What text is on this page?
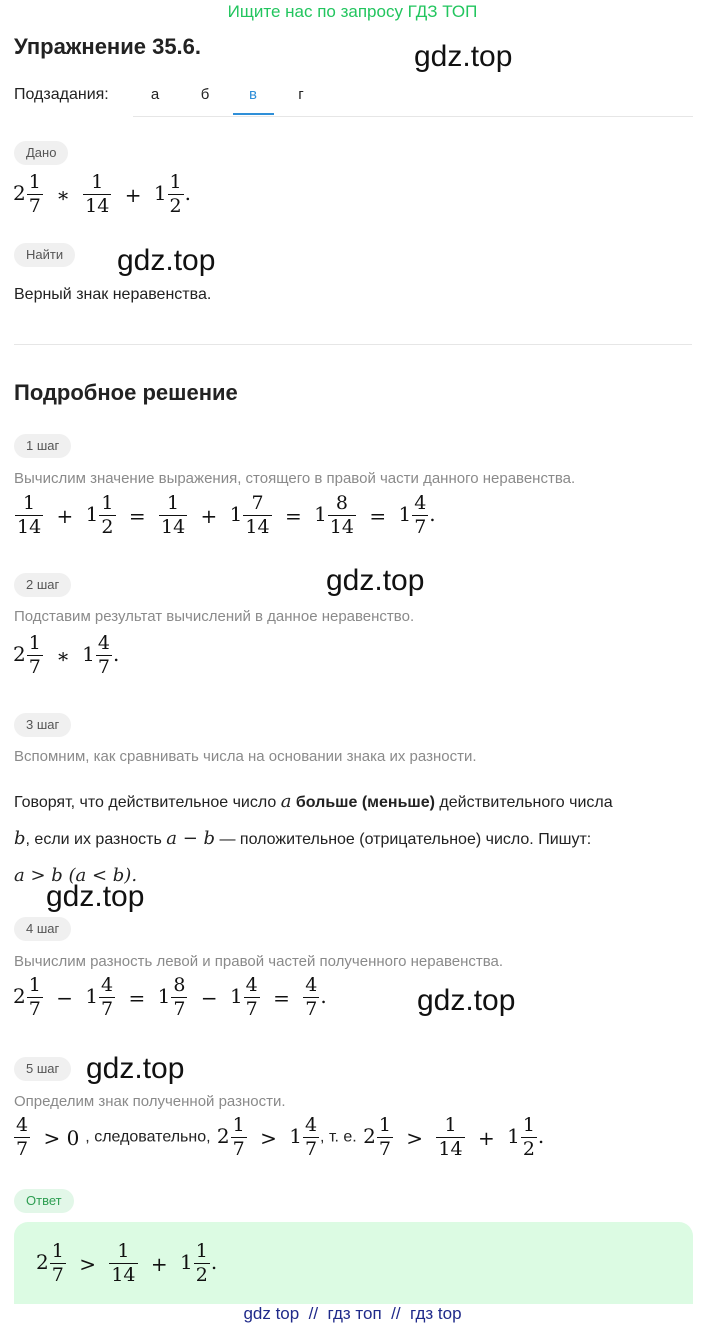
Ищите нас по запросу ГДЗ ТОП
Упражнение 35.6.	gdz.top
Подзадания:	а	б	в	г
Дано
$2 \frac{1}{7}$ ∗ $\frac{1}{14} + 1 \frac{1}{2}$ .
Найти	gdz.top
Верный знак неравенства.
Подробное решение
1 шаг
Вычислим значение выражения, стоящего в правой части данного неравенства.
$\frac{1}{14} + 1 \frac{1}{2} = \frac{1}{14} + 1 \frac{7}{14} = 1 \frac{8}{14} = 1 \frac{4}{7}$ .
gdz.top
2 шаг
Подставим результат вычислений в данное неравенство.
$2 \frac{1}{7}$ ∗ $1 \frac{4}{7}$ .
3 шаг
Вспомним, как сравнивать числа на основании знака их разности.
Говорят, что действительное число a больше (меньше) действительного числа
b, если их разность a − b — положительное (отрицательное) число. Пишут:
a > b (a < b).
gdz.top
4 шаг
Вычислим разность левой и правой частей полученного неравенства.
$2 \frac{1}{7} - 1 \frac{4}{7} = 1 \frac{8}{7} - 1 \frac{4}{7} = \frac{4}{7}$ .	gdz.top
5 шаг gdz.top
Определим знак полученной разности.
$\frac{4}{7} > 0$ , следовательно, $2 \frac{1}{7} > 1 \frac{4}{7}$ , т. е. $2 \frac{1}{7} > \frac{1}{14} + 1 \frac{1}{2}$ .
Ответ
$2 \frac{1}{7} > \frac{1}{14} + 1 \frac{1}{2}$ .
gdz top  //  гдз топ  //  гдз top
